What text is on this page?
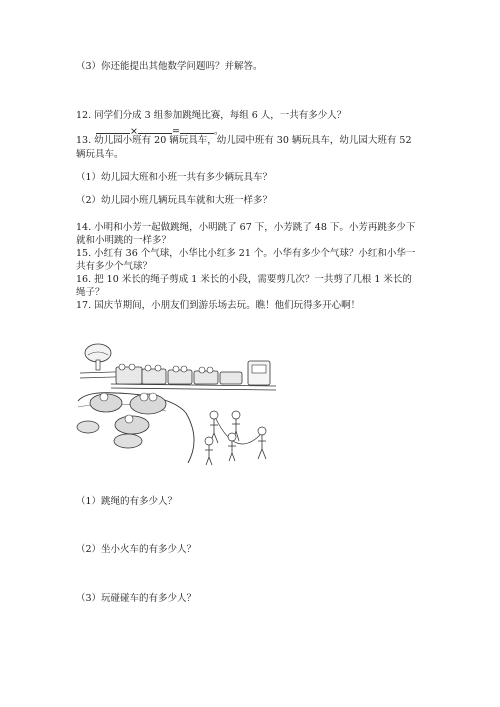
（3）你还能提出其他数学问题吗？并解答。
12. 同学们分成 3 组参加跳绳比赛，每组 6 人，一共有多少人？
×	=	。
13. 幼儿园小班有 20 辆玩具车，幼儿园中班有 30 辆玩具车，幼儿园大班有 52
辆玩具车。
（1）幼儿园大班和小班一共有多少辆玩具车？
（2）幼儿园小班几辆玩具车就和大班一样多？
14. 小明和小芳一起做跳绳，小明跳了 67 下，小芳跳了 48 下。小芳再跳多少下
就和小明跳的一样多？
15. 小红有 36 个气球，小华比小红多 21 个。小华有多少个气球？小红和小华一
共有多少个气球？
16. 把 10 米长的绳子剪成 1 米长的小段，需要剪几次？一共剪了几根 1 米长的
绳子？
17. 国庆节期间，小朋友们到游乐场去玩。瞧！他们玩得多开心啊！
（1）跳绳的有多少人？
（2）坐小火车的有多少人？
（3）玩碰碰车的有多少人？
